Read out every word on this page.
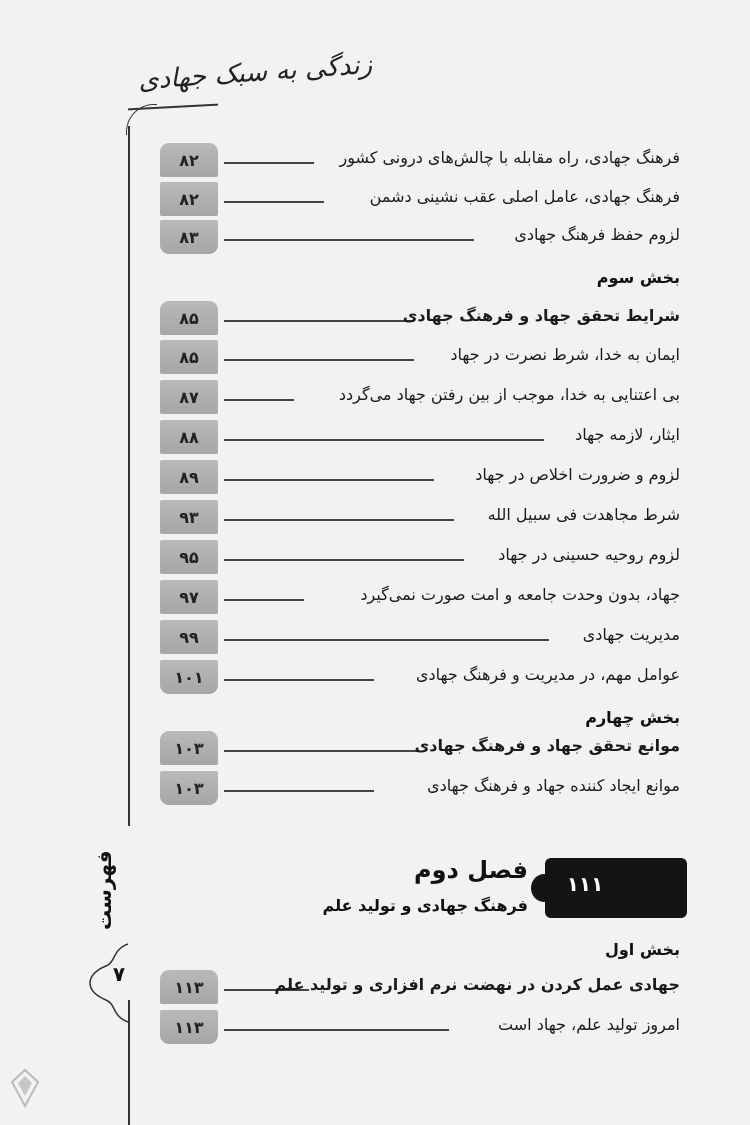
زندگی به سبک جهادی
فهرست
۷
۸۲	فرهنگ جهادی، راه مقابله با چالش‌های درونی کشور
۸۲	فرهنگ جهادی، عامل اصلی عقب نشینی دشمن
۸۳	لزوم حفظ فرهنگ جهادی
بخش سوم
۸۵	شرایط تحقق جهاد و فرهنگ جهادی
۸۵	ایمان به خدا، شرط نصرت در جهاد
۸۷	بی اعتنایی به خدا، موجب از بین رفتن جهاد می‌گردد
۸۸	ایثار، لازمه جهاد
۸۹	لزوم و ضرورت اخلاص در جهاد
۹۳	شرط مجاهدت فی سبیل الله
۹۵	لزوم روحیه حسینی در جهاد
۹۷	جهاد، بدون وحدت جامعه و امت صورت نمی‌گیرد
۹۹	مدیریت جهادی
۱۰۱	عوامل مهم، در مدیریت و فرهنگ جهادی
بخش چهارم
۱۰۳	موانع تحقق جهاد و فرهنگ جهادی
۱۰۳	موانع ایجاد کننده جهاد و فرهنگ جهادی
۱۱۱
فصل دوم
فرهنگ جهادی و تولید علم
بخش اول
۱۱۳	جهادی عمل کردن در نهضت نرم افزاری و تولید علم
۱۱۳	امروز تولید علم، جهاد است
